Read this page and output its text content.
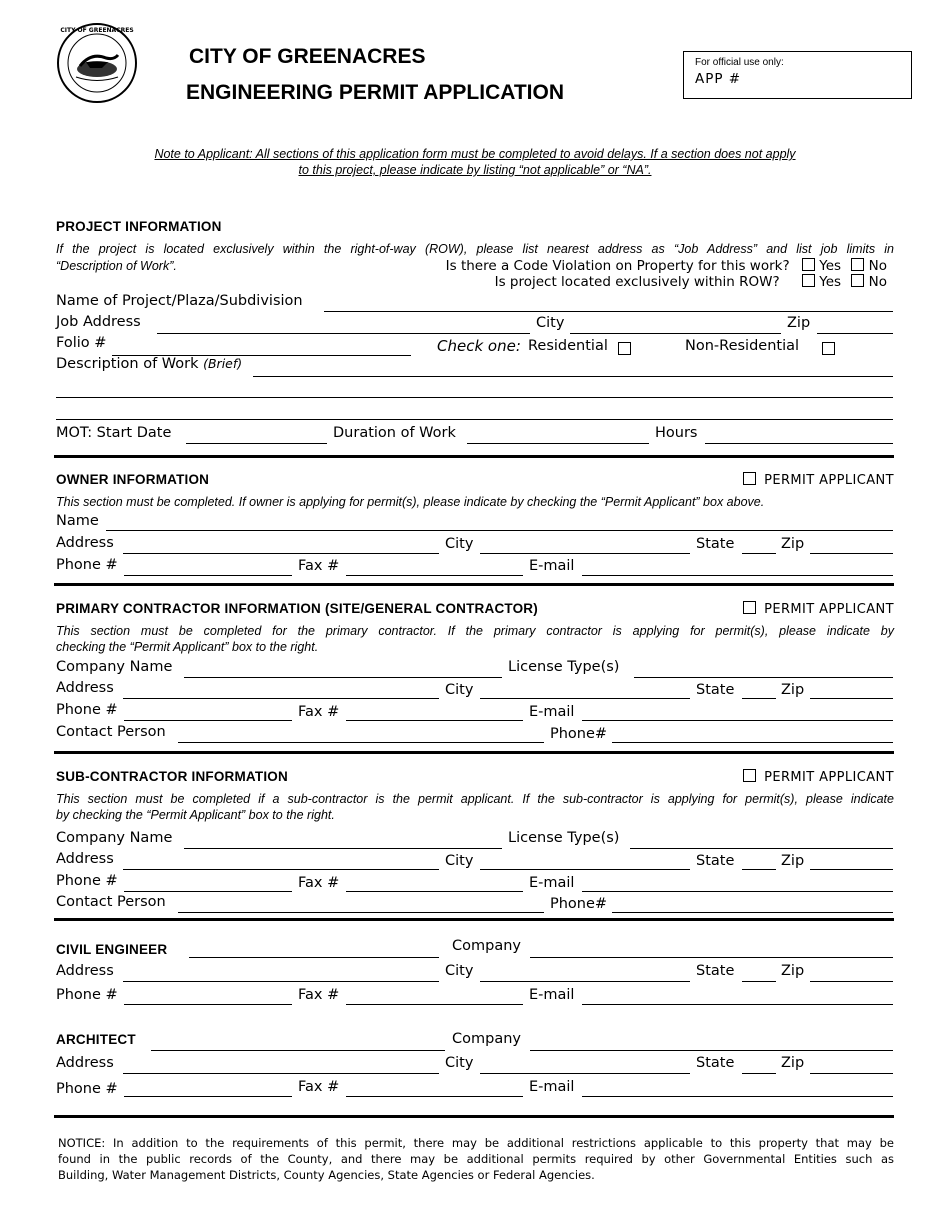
CITY OF GREENACRES
CITY OF GREENACRES
ENGINEERING PERMIT APPLICATION
For official use only:
APP #
Note to Applicant: All sections of this application form must be completed to avoid delays. If a section does not apply
to this project, please indicate by listing “not applicable” or “NA”.
PROJECT INFORMATION
If the project is located exclusively within the right-of-way (ROW), please list nearest address as “Job Address” and list job limits in
“Description of Work”.	Is there a Code Violation on Property for this work? Yes No
Is project located exclusively within ROW?	Yes No
Name of Project/Plaza/Subdivision
Job Address	City	Zip
Folio #	Check one: Residential	Non-Residential
Description of Work (Brief)
MOT: Start Date	Duration of Work	Hours
OWNER INFORMATION	PERMIT APPLICANT
This section must be completed. If owner is applying for permit(s), please indicate by checking the “Permit Applicant” box above.
Name
Address	City	State	Zip
Phone #	Fax #	E-mail
PRIMARY CONTRACTOR INFORMATION (SITE/GENERAL CONTRACTOR)	PERMIT APPLICANT
This section must be completed for the primary contractor. If the primary contractor is applying for permit(s), please indicate by
checking the “Permit Applicant” box to the right.
Company Name	License Type(s)
Address	City	State	Zip
Phone #	Fax #	E-mail
Contact Person	Phone#
SUB-CONTRACTOR INFORMATION	PERMIT APPLICANT
This section must be completed if a sub-contractor is the permit applicant. If the sub-contractor is applying for permit(s), please indicate
by checking the “Permit Applicant” box to the right.
Company Name	License Type(s)
Address	City	State	Zip
Phone #	Fax #	E-mail
Contact Person	Phone#
CIVIL ENGINEER	Company
Address	City	State	Zip
Phone #	Fax #	E-mail
ARCHITECT	Company
Address	City	State	Zip
Phone #	Fax #	E-mail
NOTICE: In addition to the requirements of this permit, there may be additional restrictions applicable to this property that may be
found in the public records of the County, and there may be additional permits required by other Governmental Entities such as
Building, Water Management Districts, County Agencies, State Agencies or Federal Agencies.
